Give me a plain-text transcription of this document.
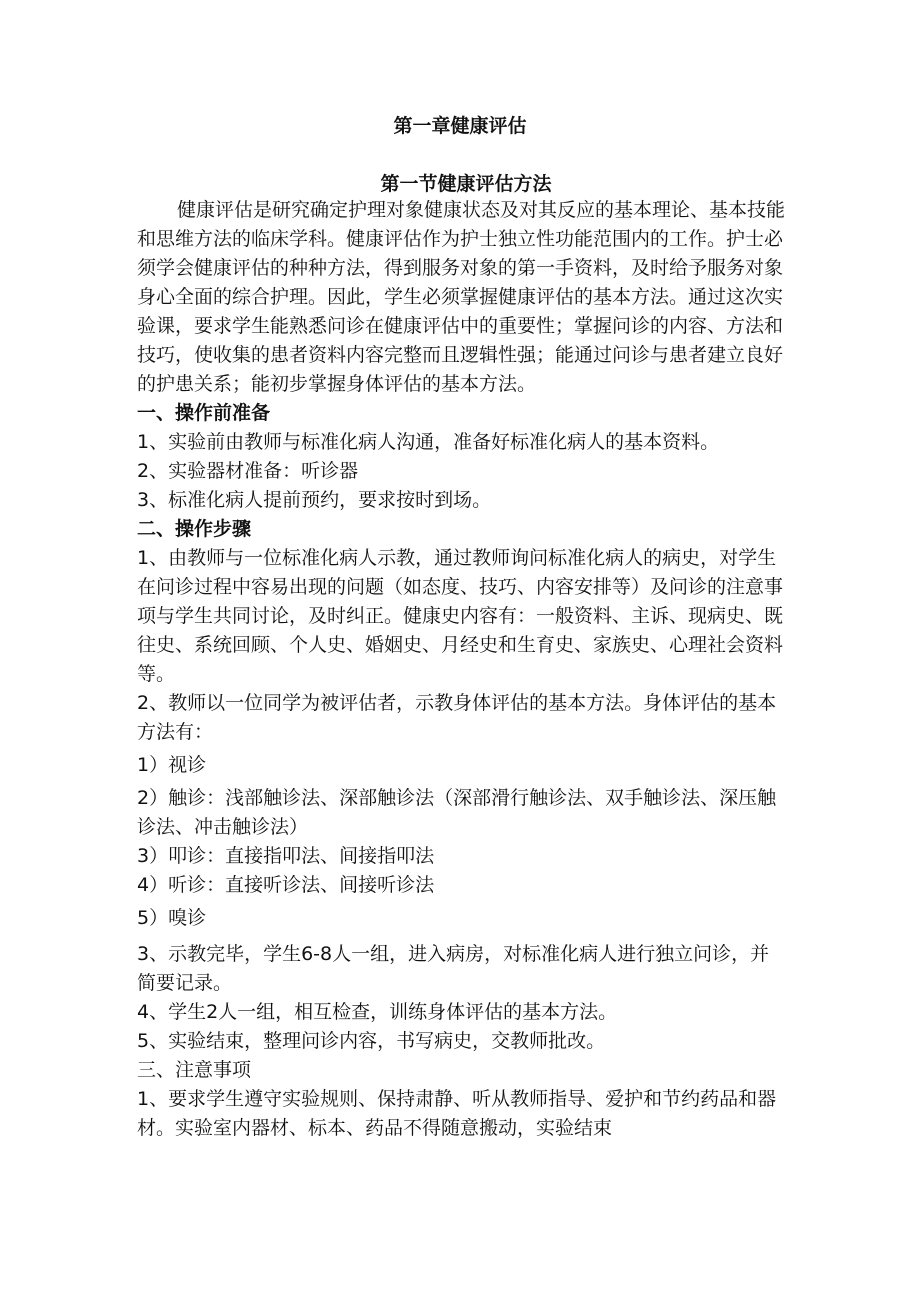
第一章健康评估
第一节健康评估方法

健康评估是研究确定护理对象健康状态及对其反应的基本理论、基本技能和思维方法的临床学科。健康评估作为护士独立性功能范围内的工作。护士必须学会健康评估的种种方法，得到服务对象的第一手资料，及时给予服务对象身心全面的综合护理。因此，学生必须掌握健康评估的基本方法。通过这次实验课，要求学生能熟悉问诊在健康评估中的重要性；掌握问诊的内容、方法和技巧，使收集的患者资料内容完整而且逻辑性强；能通过问诊与患者建立良好的护患关系；能初步掌握身体评估的基本方法。

一、操作前准备

1、实验前由教师与标准化病人沟通，准备好标准化病人的基本资料。

2、实验器材准备：听诊器

3、标准化病人提前预约，要求按时到场。

二、操作步骤

1、由教师与一位标准化病人示教，通过教师询问标准化病人的病史，对学生在问诊过程中容易出现的问题（如态度、技巧、内容安排等）及问诊的注意事项与学生共同讨论，及时纠正。健康史内容有：一般资料、主诉、现病史、既往史、系统回顾、个人史、婚姻史、月经史和生育史、家族史、心理社会资料等。

2、教师以一位同学为被评估者，示教身体评估的基本方法。身体评估的基本方法有：

1）视诊

2）触诊：浅部触诊法、深部触诊法（深部滑行触诊法、双手触诊法、深压触诊法、冲击触诊法）

3）叩诊：直接指叩法、间接指叩法

4）听诊：直接听诊法、间接听诊法

5）嗅诊

3、示教完毕，学生6-8人一组，进入病房，对标准化病人进行独立问诊，并简要记录。

4、学生2人一组，相互检查，训练身体评估的基本方法。

5、实验结束，整理问诊内容，书写病史，交教师批改。

三、注意事项

1、要求学生遵守实验规则、保持肃静、听从教师指导、爱护和节约药品和器材。实验室内器材、标本、药品不得随意搬动，实验结束
